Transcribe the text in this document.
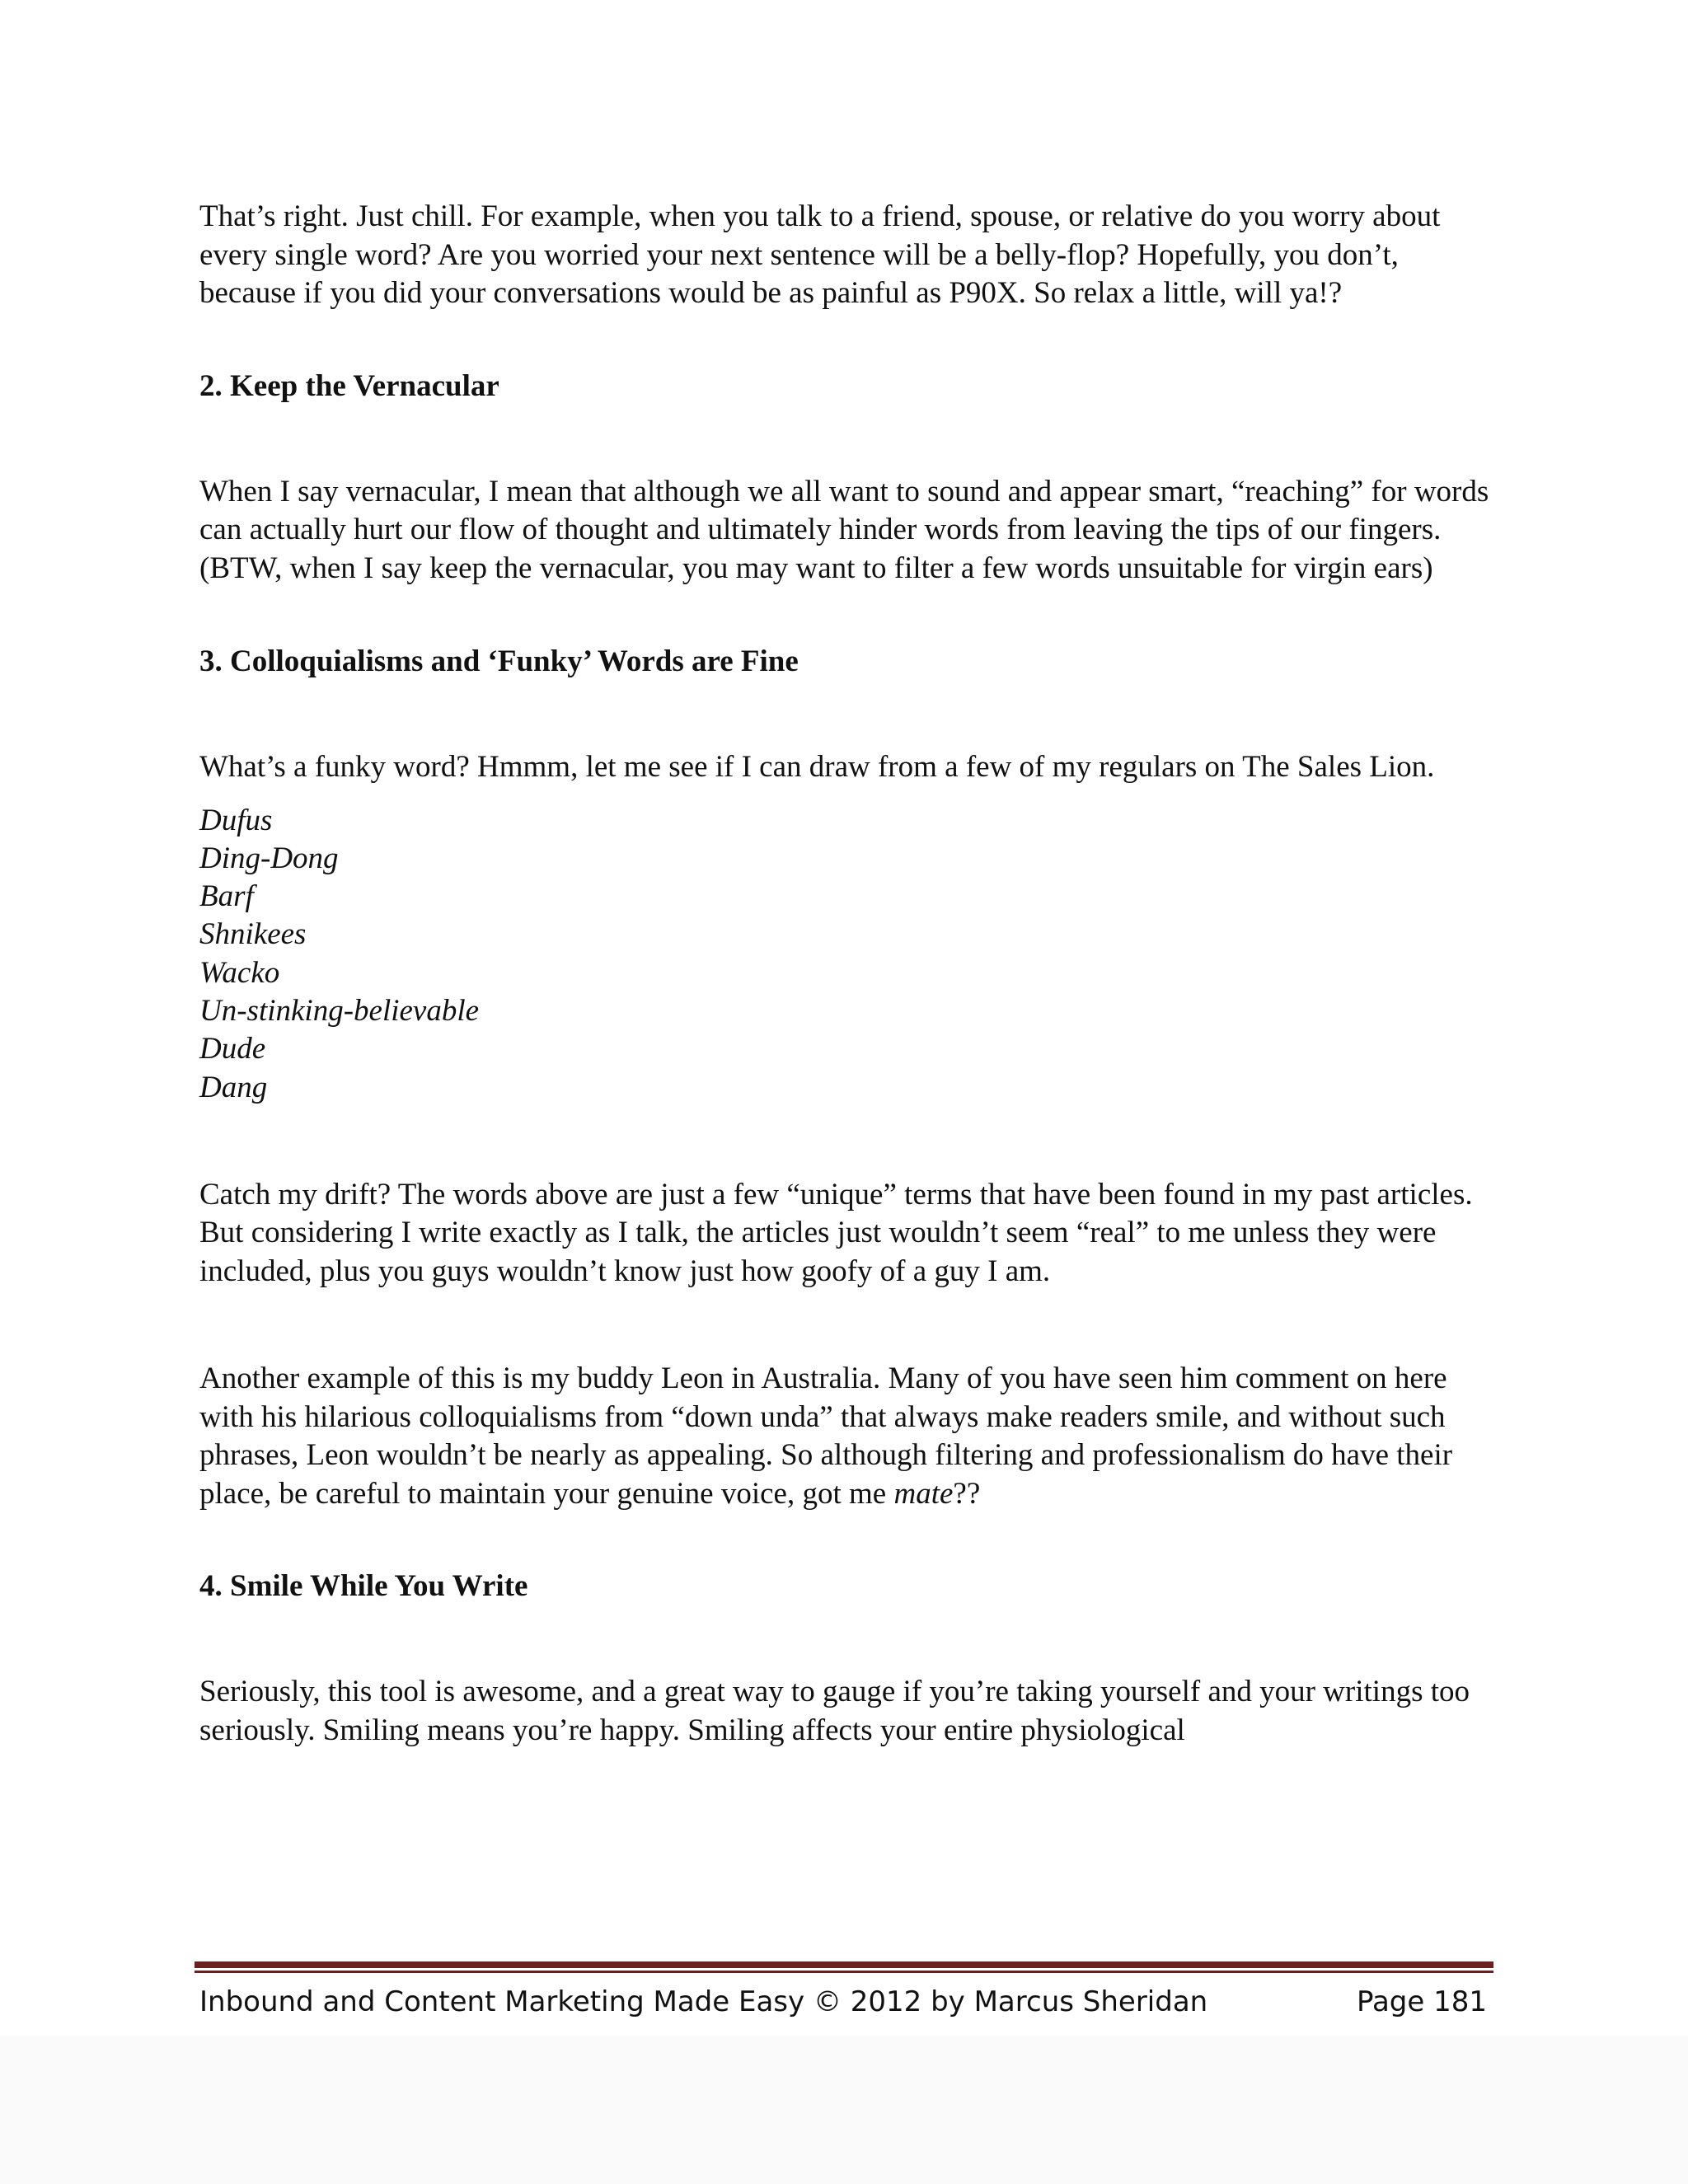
That’s right. Just chill. For example, when you talk to a friend, spouse, or relative do you worry about every single word? Are you worried your next sentence will be a belly-flop? Hopefully, you don’t, because if you did your conversations would be as painful as P90X. So relax a little, will ya!?

2. Keep the Vernacular

When I say vernacular, I mean that although we all want to sound and appear smart, “reaching” for words can actually hurt our flow of thought and ultimately hinder words from leaving the tips of our fingers. (BTW, when I say keep the vernacular, you may want to filter a few words unsuitable for virgin ears)

3. Colloquialisms and ‘Funky’ Words are Fine

What’s a funky word? Hmmm, let me see if I can draw from a few of my regulars on The Sales Lion.

Dufus
Ding-Dong
Barf
Shnikees
Wacko
Un-stinking-believable
Dude
Dang

Catch my drift? The words above are just a few “unique” terms that have been found in my past articles. But considering I write exactly as I talk, the articles just wouldn’t seem “real” to me unless they were included, plus you guys wouldn’t know just how goofy of a guy I am.

Another example of this is my buddy Leon in Australia. Many of you have seen him comment on here with his hilarious colloquialisms from “down unda” that always make readers smile, and without such phrases, Leon wouldn’t be nearly as appealing. So although filtering and professionalism do have their place, be careful to maintain your genuine voice, got me mate??

4. Smile While You Write

Seriously, this tool is awesome, and a great way to gauge if you’re taking yourself and your writings too seriously. Smiling means you’re happy. Smiling affects your entire physiological

Inbound and Content Marketing Made Easy © 2012 by Marcus Sheridan	Page 181
